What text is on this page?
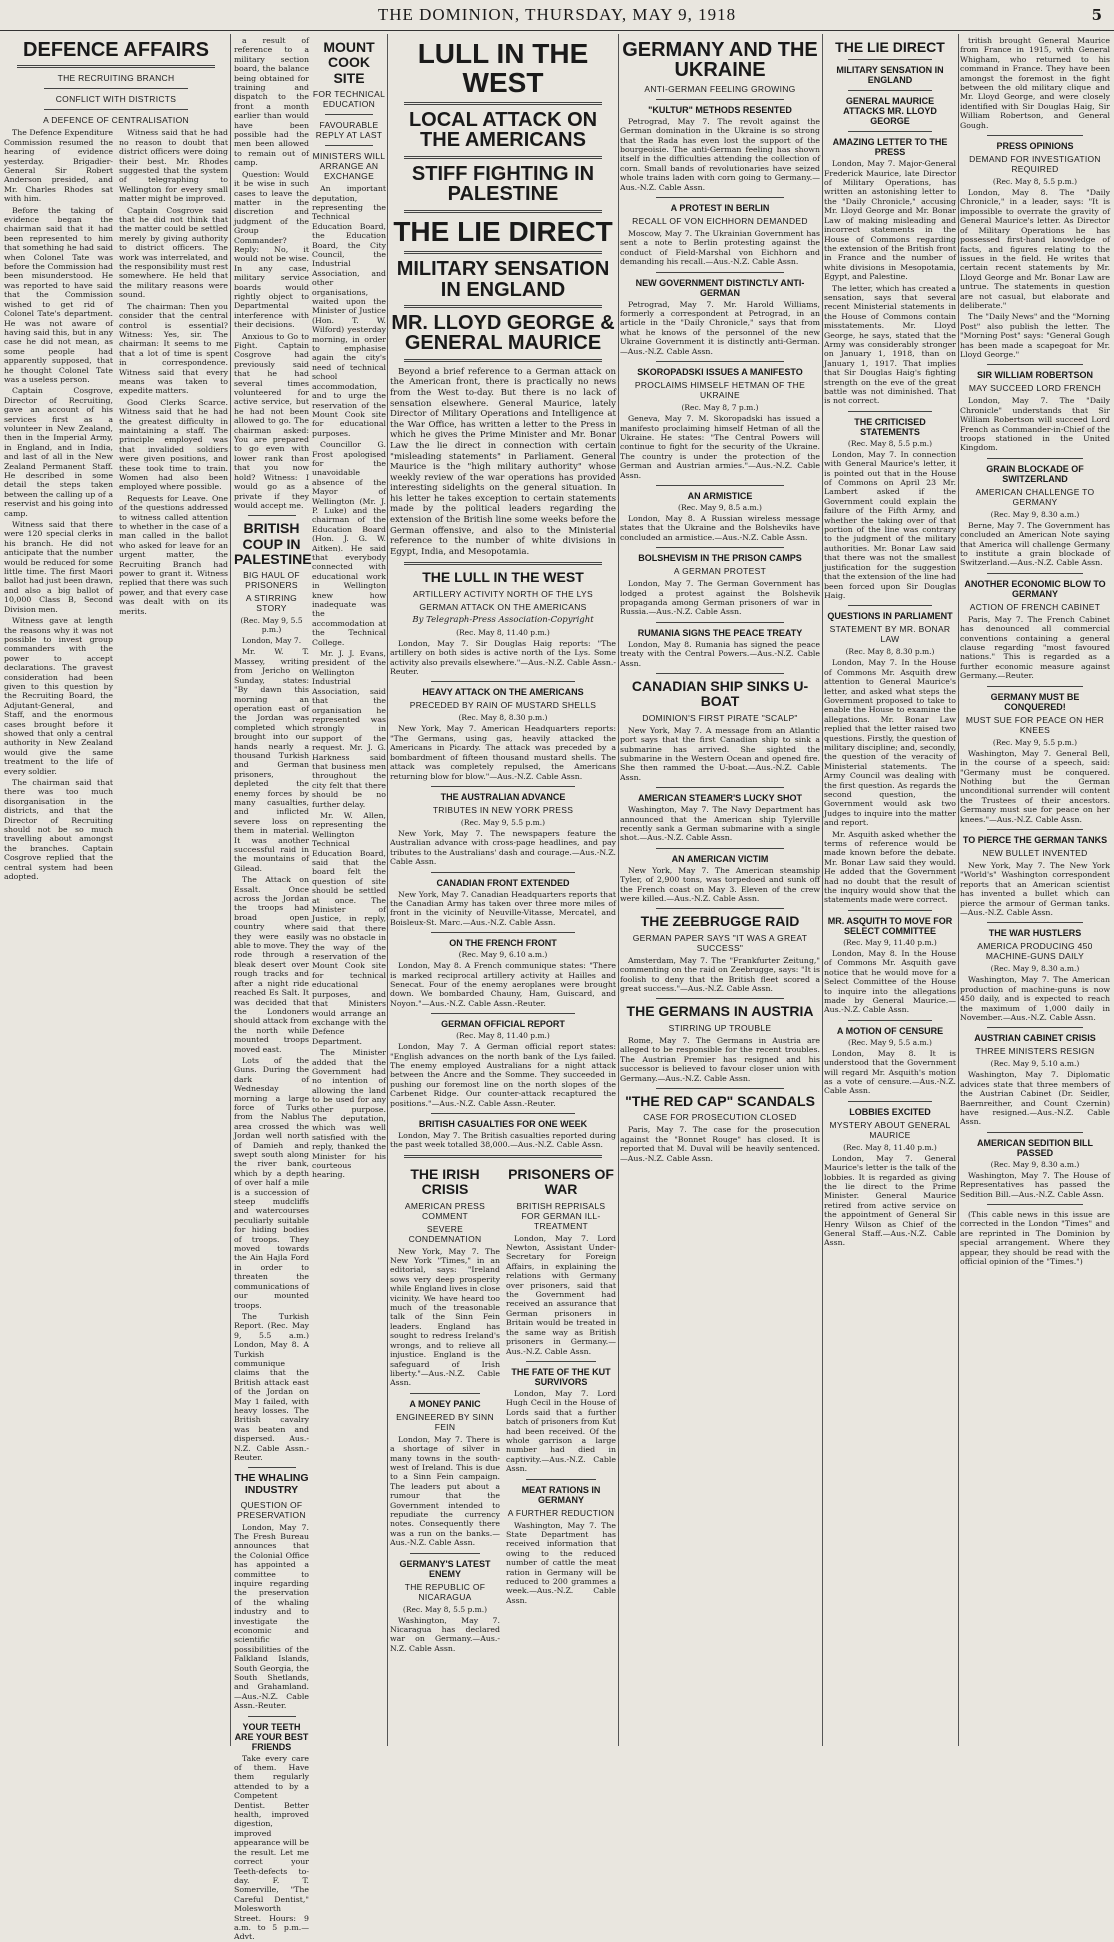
THE DOMINION, THURSDAY, MAY 9, 1918	5
DEFENCE AFFAIRS
THE RECRUITING BRANCH
CONFLICT WITH DISTRICTS
A DEFENCE OF CENTRALISATION

The Defence Expenditure Commission resumed the hearing of evidence yesterday. Brigadier-General Sir Robert Anderson presided, and Mr. Charles Rhodes sat with him.

Before the taking of evidence began the chairman said that it had been represented to him that something he had said when Colonel Tate was before the Commission had been misunderstood. He was reported to have said that the Commission wished to get rid of Colonel Tate's department. He was not aware of having said this, but in any case he did not mean, as some people had apparently supposed, that he thought Colonel Tate was a useless person.

Captain Cosgrove, Director of Recruiting, gave an account of his services first as a volunteer in New Zealand, then in the Imperial Army, in England, and in India, and last of all in the New Zealand Permanent Staff. He described in some detail the steps taken between the calling up of a reservist and his going into camp.

Witness said that there were 120 special clerks in his branch. He did not anticipate that the number would be reduced for some little time. The first Maori ballot had just been drawn, and also a big ballot of 10,000 Class B, Second Division men.

Witness gave at length the reasons why it was not possible to invest group commanders with the power to accept declarations. The gravest consideration had been given to this question by the Recruiting Board, the Adjutant-General, and Staff, and the enormous cases brought before it showed that only a central authority in New Zealand would give the same treatment to the life of every soldier.

The chairman said that there was too much disorganisation in the districts, and that the Director of Recruiting should not be so much travelling about amongst the branches. Captain Cosgrove replied that the central system had been adopted.

Witness said that he had no reason to doubt that district officers were doing their best. Mr. Rhodes suggested that the system of telegraphing to Wellington for every small matter might be improved.

Captain Cosgrove said that he did not think that the matter could be settled merely by giving authority to district officers. The work was interrelated, and the responsibility must rest somewhere. He held that the military reasons were sound.

The chairman: Then you consider that the central control is essential? Witness: Yes, sir. The chairman: It seems to me that a lot of time is spent in correspondence. Witness said that every means was taken to expedite matters.

Good Clerks Scarce. Witness said that he had the greatest difficulty in maintaining a staff. The principle employed was that invalided soldiers were given positions, and these took time to train. Women had also been employed where possible.

Requests for Leave. One of the questions addressed to witness called attention to whether in the case of a man called in the ballot who asked for leave for an urgent matter, the Recruiting Branch had power to grant it. Witness replied that there was such power, and that every case was dealt with on its merits.

a result of reference to a military section board, the balance being obtained for training and dispatch to the front a month earlier than would have been possible had the men been allowed to remain out of camp.

Question: Would it be wise in such cases to leave the matter in the discretion and judgment of the Group Commander? Reply: No, it would not be wise. In any case, military service boards would rightly object to Departmental interference with their decisions.

Anxious to Go to Fight. Captain Cosgrove had previously said that he had several times volunteered for active service, but he had not been allowed to go. The chairman asked: You are prepared to go even with lower rank than that you now hold? Witness: I would go as a private if they would accept me.

BRITISH COUP IN PALESTINE
BIG HAUL OF PRISONERS
A STIRRING STORY
(Rec. May 9, 5.5 p.m.)
London, May 7.

Mr. W. T. Massey, writing from Jericho on Sunday, states: "By dawn this morning an operation east of the Jordan was completed which brought into our hands nearly a thousand Turkish and German prisoners, depleted the enemy forces by many casualties, and inflicted severe loss on them in material. It was another successful raid in the mountains of Gilead.

The Attack on Essalt. Once across the Jordan the troops had broad open country where they were easily able to move. They rode through a bleak desert over rough tracks and after a night ride reached Es Salt. It was decided that the Londoners should attack from the north while mounted troops moved east.

Lots of the Guns. During the dark of Wednesday morning a large force of Turks from the Nablus area crossed the Jordan well north of Damieh and swept south along the river bank, which by a depth of over half a mile is a succession of steep mudcliffs and watercourses peculiarly suitable for hiding bodies of troops. They moved towards the Ain Hajla Ford in order to threaten the communications of our mounted troops.

The Turkish Report. (Rec. May 9, 5.5 a.m.) London, May 8. A Turkish communique claims that the British attack east of the Jordan on May 1 failed, with heavy losses. The British cavalry was beaten and dispersed. Aus.-N.Z. Cable Assn.-Reuter.

THE WHALING INDUSTRY
QUESTION OF PRESERVATION

London, May 7. The Fresh Bureau announces that the Colonial Office has appointed a committee to inquire regarding the preservation of the whaling industry and to investigate the economic and scientific possibilities of the Falkland Islands, South Georgia, the South Shetlands, and Grahamland.—Aus.-N.Z. Cable Assn.-Reuter.

YOUR TEETH ARE YOUR BEST FRIENDS

Take every care of them. Have them regularly attended to by a Competent Dentist. Better health, improved digestion, improved appearance will be the result. Let me correct your Teeth-defects to-day. F. T. Somerville, "The Careful Dentist," Molesworth Street. Hours: 9 a.m. to 5 p.m.—Advt.

MOUNT COOK SITE
FOR TECHNICAL EDUCATION
FAVOURABLE REPLY AT LAST
MINISTERS WILL ARRANGE AN EXCHANGE

An important deputation, representing the Technical Education Board, the Education Board, the City Council, the Industrial Association, and other organisations, waited upon the Minister of Justice (Hon. T. W. Wilford) yesterday morning, in order to emphasise again the city's need of technical school accommodation, and to urge the reservation of the Mount Cook site for educational purposes.

Councillor G. Frost apologised for the unavoidable absence of the Mayor of Wellington (Mr. J. P. Luke) and the chairman of the Education Board (Hon. J. G. W. Aitken). He said that everybody connected with educational work in Wellington knew how inadequate was the accommodation at the Technical College.

Mr. J. J. Evans, president of the Wellington Industrial Association, said that the organisation he represented was strongly in support of the request. Mr. J. G. Harkness said that business men throughout the city felt that there should be no further delay.

Mr. W. Allen, representing the Wellington Technical Education Board, said that the board felt the question of site should be settled at once. The Minister of Justice, in reply, said that there was no obstacle in the way of the reservation of the Mount Cook site for technical educational purposes, and that Ministers would arrange an exchange with the Defence Department.

The Minister added that the Government had no intention of allowing the land to be used for any other purpose. The deputation, which was well satisfied with the reply, thanked the Minister for his courteous hearing.

LULL IN THE WEST
LOCAL ATTACK ON THE AMERICANS
STIFF FIGHTING IN PALESTINE
THE LIE DIRECT
MILITARY SENSATION IN ENGLAND
MR. LLOYD GEORGE & GENERAL MAURICE

Beyond a brief reference to a German attack on the American front, there is practically no news from the West to-day. But there is no lack of sensation elsewhere. General Maurice, lately Director of Military Operations and Intelligence at the War Office, has written a letter to the Press in which he gives the Prime Minister and Mr. Bonar Law the lie direct in connection with certain "misleading statements" in Parliament. General Maurice is the "high military authority" whose weekly review of the war operations has provided interesting sidelights on the general situation. In his letter he takes exception to certain statements made by the political leaders regarding the extension of the British line some weeks before the German offensive, and also to the Ministerial reference to the number of white divisions in Egypt, India, and Mesopotamia.

THE LULL IN THE WEST
ARTILLERY ACTIVITY NORTH OF THE LYS
GERMAN ATTACK ON THE AMERICANS
By Telegraph-Press Association-Copyright
(Rec. May 8, 11.40 p.m.)

London, May 7. Sir Douglas Haig reports: "The artillery on both sides is active north of the Lys. Some activity also prevails elsewhere."—Aus.-N.Z. Cable Assn.-Reuter.

HEAVY ATTACK ON THE AMERICANS
PRECEDED BY RAIN OF MUSTARD SHELLS
(Rec. May 8, 8.30 p.m.)

New York, May 7. American Headquarters reports: "The Germans, using gas, heavily attacked the Americans in Picardy. The attack was preceded by a bombardment of fifteen thousand mustard shells. The attack was completely repulsed, the Americans returning blow for blow."—Aus.-N.Z. Cable Assn.

THE AUSTRALIAN ADVANCE
TRIBUTES IN NEW YORK PRESS
(Rec. May 9, 5.5 p.m.)

New York, May 7. The newspapers feature the Australian advance with cross-page headlines, and pay tributes to the Australians' dash and courage.—Aus.-N.Z. Cable Assn.

CANADIAN FRONT EXTENDED

New York, May 7. Canadian Headquarters reports that the Canadian Army has taken over three more miles of front in the vicinity of Neuville-Vitasse, Mercatel, and Boisleux-St. Marc.—Aus.-N.Z. Cable Assn.

ON THE FRENCH FRONT
(Rec. May 9, 6.10 a.m.)

London, May 8. A French communique states: "There is marked reciprocal artillery activity at Hailles and Senecat. Four of the enemy aeroplanes were brought down. We bombarded Chauny, Ham, Guiscard, and Noyon."—Aus.-N.Z. Cable Assn.-Reuter.

GERMAN OFFICIAL REPORT
(Rec. May 8, 11.40 p.m.)

London, May 7. A German official report states: "English advances on the north bank of the Lys failed. The enemy employed Australians for a night attack between the Ancre and the Somme. They succeeded in pushing our foremost line on the north slopes of the Carbenet Ridge. Our counter-attack recaptured the positions."—Aus.-N.Z. Cable Assn.-Reuter.

BRITISH CASUALTIES FOR ONE WEEK

London, May 7. The British casualties reported during the past week totalled 38,000.—Aus.-N.Z. Cable Assn.

THE IRISH CRISIS
AMERICAN PRESS COMMENT
SEVERE CONDEMNATION

New York, May 7. The New York "Times," in an editorial, says: "Ireland sows very deep prosperity while England lives in close vicinity. We have heard too much of the treasonable talk of the Sinn Fein leaders. England has sought to redress Ireland's wrongs, and to relieve all injustice. England is the safeguard of Irish liberty."—Aus.-N.Z. Cable Assn.

A MONEY PANIC
ENGINEERED BY SINN FEIN

London, May 7. There is a shortage of silver in many towns in the south-west of Ireland. This is due to a Sinn Fein campaign. The leaders put about a rumour that the Government intended to repudiate the currency notes. Consequently there was a run on the banks.—Aus.-N.Z. Cable Assn.

GERMANY'S LATEST ENEMY
THE REPUBLIC OF NICARAGUA
(Rec. May 8, 5.5 p.m.)

Washington, May 7. Nicaragua has declared war on Germany.—Aus.-N.Z. Cable Assn.

PRISONERS OF WAR
BRITISH REPRISALS FOR GERMAN ILL-TREATMENT

London, May 7. Lord Newton, Assistant Under-Secretary for Foreign Affairs, in explaining the relations with Germany over prisoners, said that the Government had received an assurance that German prisoners in Britain would be treated in the same way as British prisoners in Germany.—Aus.-N.Z. Cable Assn.

THE FATE OF THE KUT SURVIVORS

London, May 7. Lord Hugh Cecil in the House of Lords said that a further batch of prisoners from Kut had been received. Of the whole garrison a large number had died in captivity.—Aus.-N.Z. Cable Assn.

MEAT RATIONS IN GERMANY
A FURTHER REDUCTION

Washington, May 7. The State Department has received information that owing to the reduced number of cattle the meat ration in Germany will be reduced to 200 grammes a week.—Aus.-N.Z. Cable Assn.

GERMANY AND THE UKRAINE
ANTI-GERMAN FEELING GROWING
"KULTUR" METHODS RESENTED

Petrograd, May 7. The revolt against the German domination in the Ukraine is so strong that the Rada has even lost the support of the bourgeoisie. The anti-German feeling has shown itself in the difficulties attending the collection of corn. Small bands of revolutionaries have seized whole trains laden with corn going to Germany.—Aus.-N.Z. Cable Assn.

A PROTEST IN BERLIN
RECALL OF VON EICHHORN DEMANDED

Moscow, May 7. The Ukrainian Government has sent a note to Berlin protesting against the conduct of Field-Marshal von Eichhorn and demanding his recall.—Aus.-N.Z. Cable Assn.

NEW GOVERNMENT DISTINCTLY ANTI-GERMAN

Petrograd, May 7. Mr. Harold Williams, formerly a correspondent at Petrograd, in an article in the "Daily Chronicle," says that from what he knows of the personnel of the new Ukraine Government it is distinctly anti-German.—Aus.-N.Z. Cable Assn.

SKOROPADSKI ISSUES A MANIFESTO
PROCLAIMS HIMSELF HETMAN OF THE UKRAINE
(Rec. May 8, 7 p.m.)

Geneva, May 7. M. Skoropadski has issued a manifesto proclaiming himself Hetman of all the Ukraine. He states: "The Central Powers will continue to fight for the security of the Ukraine. The country is under the protection of the German and Austrian armies."—Aus.-N.Z. Cable Assn.

AN ARMISTICE
(Rec. May 9, 8.5 a.m.)

London, May 8. A Russian wireless message states that the Ukraine and the Bolsheviks have concluded an armistice.—Aus.-N.Z. Cable Assn.

BOLSHEVISM IN THE PRISON CAMPS
A GERMAN PROTEST

London, May 7. The German Government has lodged a protest against the Bolshevik propaganda among German prisoners of war in Russia.—Aus.-N.Z. Cable Assn.

RUMANIA SIGNS THE PEACE TREATY

London, May 8. Rumania has signed the peace treaty with the Central Powers.—Aus.-N.Z. Cable Assn.

CANADIAN SHIP SINKS U-BOAT
DOMINION'S FIRST PIRATE "SCALP"

New York, May 7. A message from an Atlantic port says that the first Canadian ship to sink a submarine has arrived. She sighted the submarine in the Western Ocean and opened fire. She then rammed the U-boat.—Aus.-N.Z. Cable Assn.

AMERICAN STEAMER'S LUCKY SHOT

Washington, May 7. The Navy Department has announced that the American ship Tylerville recently sank a German submarine with a single shot.—Aus.-N.Z. Cable Assn.

AN AMERICAN VICTIM

New York, May 7. The American steamship Tyler, of 2,900 tons, was torpedoed and sunk off the French coast on May 3. Eleven of the crew were killed.—Aus.-N.Z. Cable Assn.

THE ZEEBRUGGE RAID
GERMAN PAPER SAYS "IT WAS A GREAT SUCCESS"

Amsterdam, May 7. The "Frankfurter Zeitung," commenting on the raid on Zeebrugge, says: "It is foolish to deny that the British fleet scored a great success."—Aus.-N.Z. Cable Assn.

THE GERMANS IN AUSTRIA
STIRRING UP TROUBLE

Rome, May 7. The Germans in Austria are alleged to be responsible for the recent troubles. The Austrian Premier has resigned and his successor is believed to favour closer union with Germany.—Aus.-N.Z. Cable Assn.

"THE RED CAP" SCANDALS
CASE FOR PROSECUTION CLOSED

Paris, May 7. The case for the prosecution against the "Bonnet Rouge" has closed. It is reported that M. Duval will be heavily sentenced.—Aus.-N.Z. Cable Assn.

THE LIE DIRECT
MILITARY SENSATION IN ENGLAND
GENERAL MAURICE ATTACKS MR. LLOYD GEORGE
AMAZING LETTER TO THE PRESS

London, May 7. Major-General Frederick Maurice, late Director of Military Operations, has written an astonishing letter to the "Daily Chronicle," accusing Mr. Lloyd George and Mr. Bonar Law of making misleading and incorrect statements in the House of Commons regarding the extension of the British front in France and the number of white divisions in Mesopotamia, Egypt, and Palestine.

The letter, which has created a sensation, says that several recent Ministerial statements in the House of Commons contain misstatements. Mr. Lloyd George, he says, stated that the Army was considerably stronger on January 1, 1918, than on January 1, 1917. That implies that Sir Douglas Haig's fighting strength on the eve of the great battle was not diminished. That is not correct.

THE CRITICISED STATEMENTS
(Rec. May 8, 5.5 p.m.)

London, May 7. In connection with General Maurice's letter, it is pointed out that in the House of Commons on April 23 Mr. Lambert asked if the Government could explain the failure of the Fifth Army, and whether the taking over of that portion of the line was contrary to the judgment of the military authorities. Mr. Bonar Law said that there was not the smallest justification for the suggestion that the extension of the line had been forced upon Sir Douglas Haig.

QUESTIONS IN PARLIAMENT
STATEMENT BY MR. BONAR LAW
(Rec. May 8, 8.30 p.m.)

London, May 7. In the House of Commons Mr. Asquith drew attention to General Maurice's letter, and asked what steps the Government proposed to take to enable the House to examine the allegations. Mr. Bonar Law replied that the letter raised two questions. Firstly, the question of military discipline; and, secondly, the question of the veracity of Ministerial statements. The Army Council was dealing with the first question. As regards the second question, the Government would ask two Judges to inquire into the matter and report.

Mr. Asquith asked whether the terms of reference would be made known before the debate. Mr. Bonar Law said they would. He added that the Government had no doubt that the result of the inquiry would show that the statements made were correct.

MR. ASQUITH TO MOVE FOR SELECT COMMITTEE
(Rec. May 9, 11.40 p.m.)

London, May 8. In the House of Commons Mr. Asquith gave notice that he would move for a Select Committee of the House to inquire into the allegations made by General Maurice.—Aus.-N.Z. Cable Assn.

A MOTION OF CENSURE
(Rec. May 9, 5.5 a.m.)

London, May 8. It is understood that the Government will regard Mr. Asquith's motion as a vote of censure.—Aus.-N.Z. Cable Assn.

LOBBIES EXCITED
MYSTERY ABOUT GENERAL MAURICE
(Rec. May 8, 11.40 p.m.)

London, May 7. General Maurice's letter is the talk of the lobbies. It is regarded as giving the lie direct to the Prime Minister. General Maurice retired from active service on the appointment of General Sir Henry Wilson as Chief of the General Staff.—Aus.-N.Z. Cable Assn.

tritish brought General Maurice from France in 1915, with General Whigham, who returned to his command in France. They have been amongst the foremost in the fight between the old military clique and Mr. Lloyd George, and were closely identified with Sir Douglas Haig, Sir William Robertson, and General Gough.

PRESS OPINIONS
DEMAND FOR INVESTIGATION REQUIRED
(Rec. May 8, 5.5 p.m.)

London, May 8. The "Daily Chronicle," in a leader, says: "It is impossible to overrate the gravity of General Maurice's letter. As Director of Military Operations he has possessed first-hand knowledge of facts, and figures relating to the issues in the field. He writes that certain recent statements by Mr. Lloyd George and Mr. Bonar Law are untrue. The statements in question are not casual, but elaborate and deliberate."

The "Daily News" and the "Morning Post" also publish the letter. The "Morning Post" says: "General Gough has been made a scapegoat for Mr. Lloyd George."

SIR WILLIAM ROBERTSON
MAY SUCCEED LORD FRENCH

London, May 7. The "Daily Chronicle" understands that Sir William Robertson will succeed Lord French as Commander-in-Chief of the troops stationed in the United Kingdom.

GRAIN BLOCKADE OF SWITZERLAND
AMERICAN CHALLENGE TO GERMANY
(Rec. May 9, 8.30 a.m.)

Berne, May 7. The Government has concluded an American Note saying that America will challenge Germany to institute a grain blockade of Switzerland.—Aus.-N.Z. Cable Assn.

ANOTHER ECONOMIC BLOW TO GERMANY
ACTION OF FRENCH CABINET

Paris, May 7. The French Cabinet has denounced all commercial conventions containing a general clause regarding "most favoured nations." This is regarded as a further economic measure against Germany.—Reuter.

GERMANY MUST BE CONQUERED!
MUST SUE FOR PEACE ON HER KNEES
(Rec. May 9, 5.5 p.m.)

Washington, May 7. General Bell, in the course of a speech, said: "Germany must be conquered. Nothing but the German unconditional surrender will content the Trustees of their ancestors. Germany must sue for peace on her knees."—Aus.-N.Z. Cable Assn.

TO PIERCE THE GERMAN TANKS
NEW BULLET INVENTED

New York, May 7. The New York "World's" Washington correspondent reports that an American scientist has invented a bullet which can pierce the armour of German tanks.—Aus.-N.Z. Cable Assn.

THE WAR HUSTLERS
AMERICA PRODUCING 450 MACHINE-GUNS DAILY
(Rec. May 9, 8.30 a.m.)

Washington, May 7. The American production of machine-guns is now 450 daily, and is expected to reach the maximum of 1,000 daily in November.—Aus.-N.Z. Cable Assn.

AUSTRIAN CABINET CRISIS
THREE MINISTERS RESIGN
(Rec. May 9, 5.10 a.m.)

Washington, May 7. Diplomatic advices state that three members of the Austrian Cabinet (Dr. Seidler, Baernreither, and Count Czernin) have resigned.—Aus.-N.Z. Cable Assn.

AMERICAN SEDITION BILL PASSED
(Rec. May 9, 8.30 a.m.)

Washington, May 7. The House of Representatives has passed the Sedition Bill.—Aus.-N.Z. Cable Assn.

(This cable news in this issue are corrected in the London "Times" and are reprinted in The Dominion by special arrangement. Where they appear, they should be read with the official opinion of the "Times.")
